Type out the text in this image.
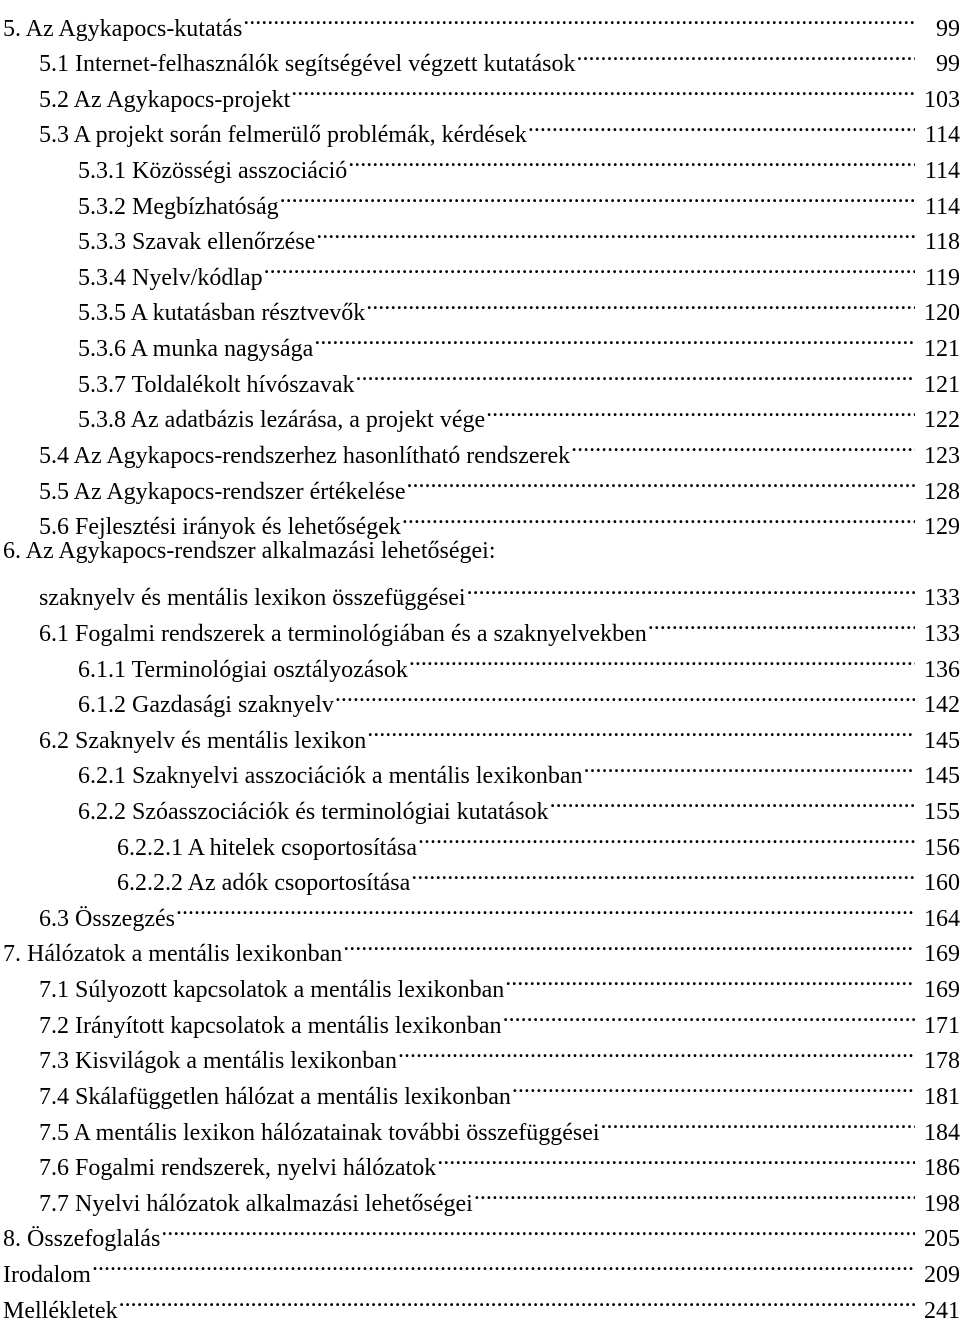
5. Az Agykapocs-kutatás .....	99
5.1 Internet-felhasználók segítségével végzett kutatások .....	99
5.2 Az Agykapocs-projekt .....	103
5.3 A projekt során felmerülő problémák, kérdések .....	114
5.3.1 Közösségi asszociáció .....	114
5.3.2 Megbízhatóság .....	114
5.3.3 Szavak ellenőrzése .....	118
5.3.4 Nyelv/kódlap .....	119
5.3.5 A kutatásban résztvevők .....	120
5.3.6 A munka nagysága .....	121
5.3.7 Toldalékolt hívószavak .....	121
5.3.8 Az adatbázis lezárása, a projekt vége .....	122
5.4 Az Agykapocs-rendszerhez hasonlítható rendszerek .....	123
5.5 Az Agykapocs-rendszer értékelése .....	128
5.6 Fejlesztési irányok és lehetőségek .....	129
6. Az Agykapocs-rendszer alkalmazási lehetőségei:
szaknyelv és mentális lexikon összefüggései .....	133
6.1 Fogalmi rendszerek a terminológiában és a szaknyelvekben .....	133
6.1.1 Terminológiai osztályozások .....	136
6.1.2 Gazdasági szaknyelv .....	142
6.2 Szaknyelv és mentális lexikon .....	145
6.2.1 Szaknyelvi asszociációk a mentális lexikonban .....	145
6.2.2 Szóasszociációk és terminológiai kutatások .....	155
6.2.2.1 A hitelek csoportosítása .....	156
6.2.2.2 Az adók csoportosítása .....	160
6.3 Összegzés .....	164
7. Hálózatok a mentális lexikonban .....	169
7.1 Súlyozott kapcsolatok a mentális lexikonban .....	169
7.2 Irányított kapcsolatok a mentális lexikonban .....	171
7.3 Kisvilágok a mentális lexikonban .....	178
7.4 Skálafüggetlen hálózat a mentális lexikonban .....	181
7.5 A mentális lexikon hálózatainak további összefüggései .....	184
7.6 Fogalmi rendszerek, nyelvi hálózatok .....	186
7.7 Nyelvi hálózatok alkalmazási lehetőségei .....	198
8. Összefoglalás .....	205
Irodalom .....	209
Mellékletek .....	241
